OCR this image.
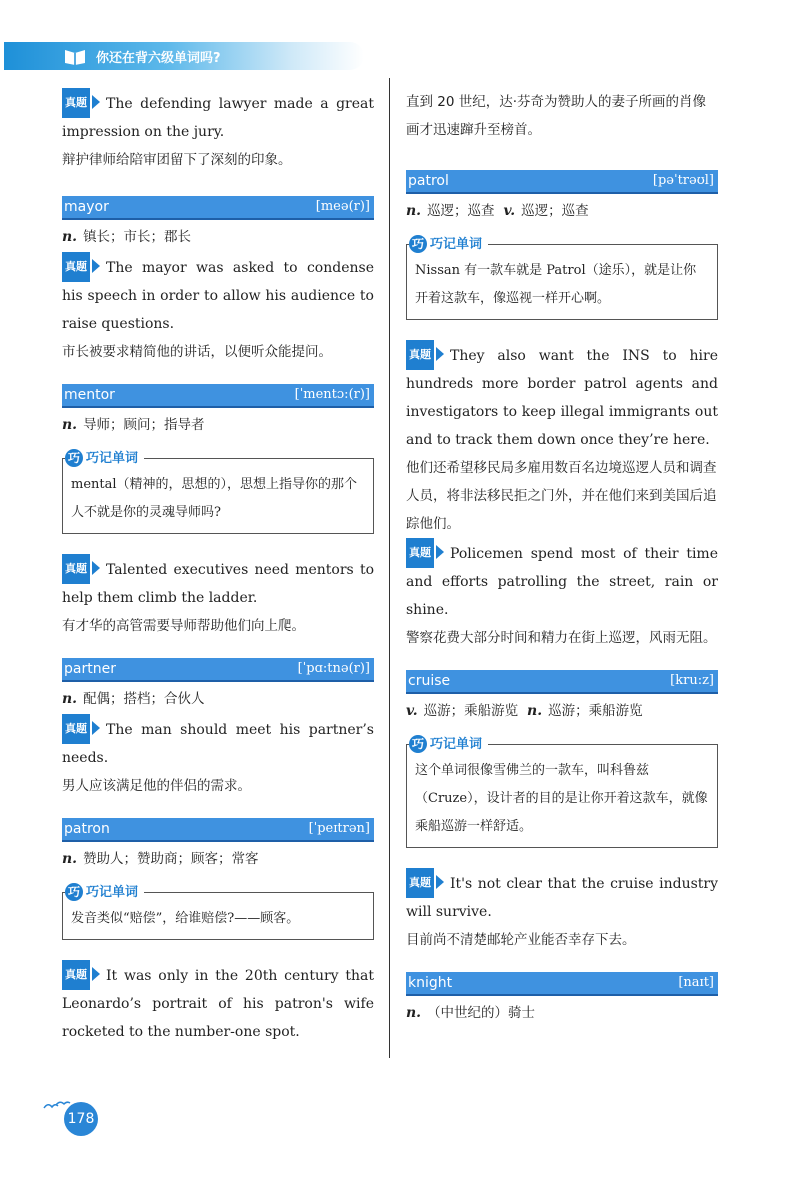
你还在背六级单词吗?

真题 The defending lawyer made a great impression on the jury.

辩护律师给陪审团留下了深刻的印象。

mayor	[meə(r)]

n. 镇长；市长；郡长

真题 The mayor was asked to condense his speech in order to allow his audience to raise questions.

市长被要求精简他的讲话，以便听众能提问。

mentor	[ˈmentɔ:(r)]

n. 导师；顾问；指导者

巧 巧记单词
mental（精神的，思想的），思想上指导你的那个人不就是你的灵魂导师吗?

真题 Talented executives need mentors to help them climb the ladder.

有才华的高管需要导师帮助他们向上爬。

partner	[ˈpɑ:tnə(r)]

n. 配偶；搭档；合伙人

真题 The man should meet his partner’s needs.

男人应该满足他的伴侣的需求。

patron	[ˈpeɪtrən]

n. 赞助人；赞助商；顾客；常客

巧 巧记单词
发音类似“赔偿”，给谁赔偿?——顾客。

真题 It was only in the 20th century that Leonardo’s portrait of his patron's wife rocketed to the number-one spot.

直到 20 世纪，达·芬奇为赞助人的妻子所画的肖像画才迅速蹿升至榜首。

patrol	[pəˈtrəʊl]

n. 巡逻；巡查 v. 巡逻；巡查

巧 巧记单词
Nissan 有一款车就是 Patrol（途乐），就是让你开着这款车，像巡视一样开心啊。

真题 They also want the INS to hire hundreds more border patrol agents and investigators to keep illegal immigrants out and to track them down once they’re here.

他们还希望移民局多雇用数百名边境巡逻人员和调查人员，将非法移民拒之门外，并在他们来到美国后追踪他们。

真题 Policemen spend most of their time and efforts patrolling the street, rain or shine.

警察花费大部分时间和精力在街上巡逻，风雨无阻。

cruise	[kru:z]

v. 巡游；乘船游览 n. 巡游；乘船游览

巧 巧记单词
这个单词很像雪佛兰的一款车，叫科鲁兹（Cruze），设计者的目的是让你开着这款车，就像乘船巡游一样舒适。

真题 It's not clear that the cruise industry will survive.

目前尚不清楚邮轮产业能否幸存下去。

knight	[naɪt]

n. （中世纪的）骑士

178
